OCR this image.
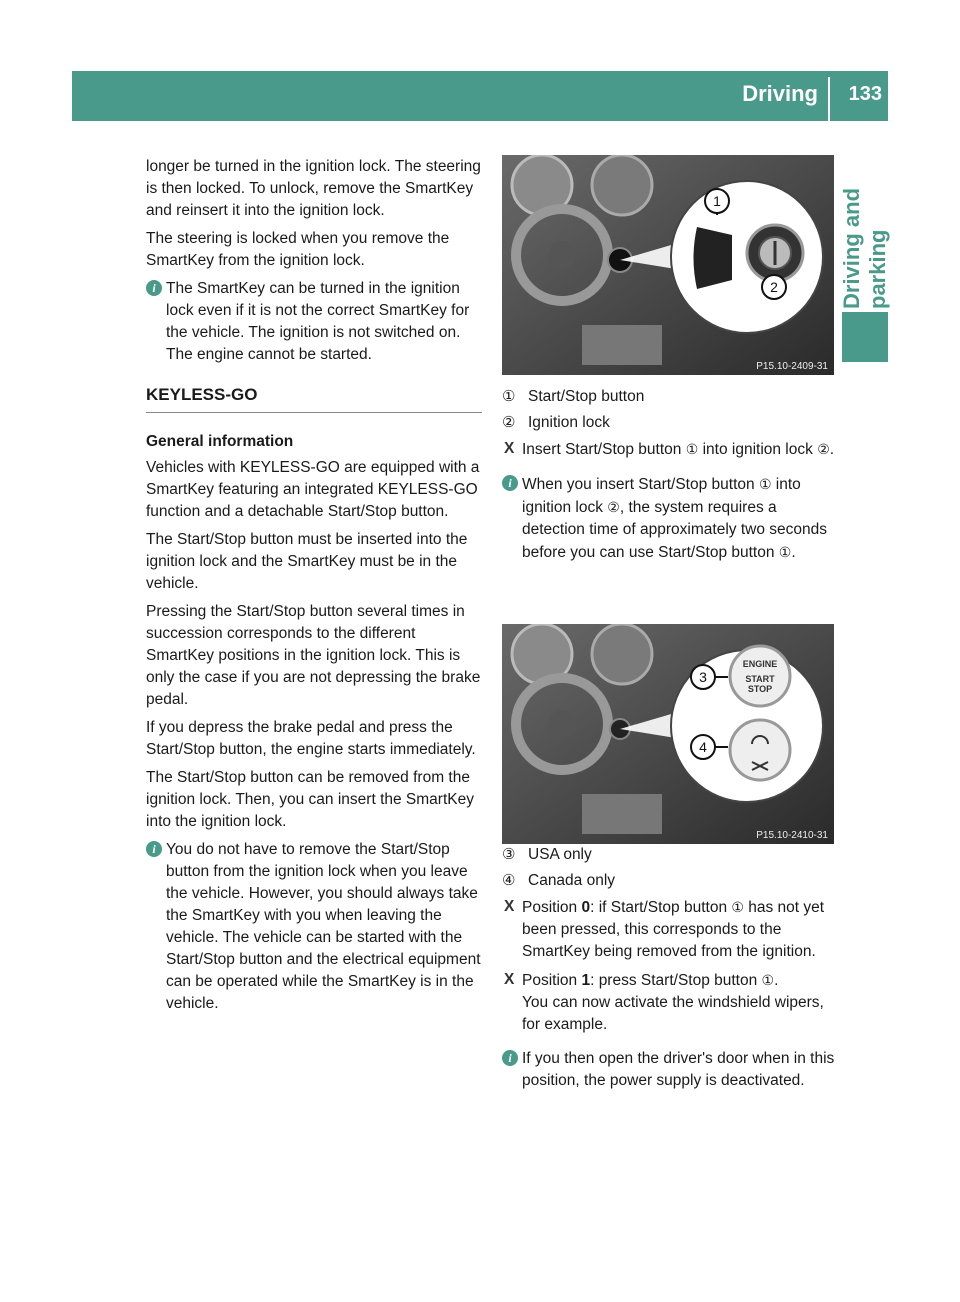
Driving 133
Driving and parking

longer be turned in the ignition lock. The steering is then locked. To unlock, remove the SmartKey and reinsert it into the ignition lock.

The steering is locked when you remove the SmartKey from the ignition lock.

i The SmartKey can be turned in the ignition lock even if it is not the correct SmartKey for the vehicle. The ignition is not switched on. The engine cannot be started.
KEYLESS-GO
General information

Vehicles with KEYLESS-GO are equipped with a SmartKey featuring an integrated KEYLESS-GO function and a detachable Start/Stop button.

The Start/Stop button must be inserted into the ignition lock and the SmartKey must be in the vehicle.

Pressing the Start/Stop button several times in succession corresponds to the different SmartKey positions in the ignition lock. This is only the case if you are not depressing the brake pedal.

If you depress the brake pedal and press the Start/Stop button, the engine starts immediately.

The Start/Stop button can be removed from the ignition lock. Then, you can insert the SmartKey into the ignition lock.

i You do not have to remove the Start/Stop button from the ignition lock when you leave the vehicle. However, you should always take the SmartKey with you when leaving the vehicle. The vehicle can be started with the Start/Stop button and the electrical equipment can be operated while the SmartKey is in the vehicle.
1
2
P15.10-2409-31
① Start/Stop button
② Ignition lock
X Insert Start/Stop button ① into ignition lock ②.
i When you insert Start/Stop button ① into ignition lock ②, the system requires a detection time of approximately two seconds before you can use Start/Stop button ①.
③ USA only
④ Canada only
X Position 0: if Start/Stop button ① has not yet been pressed, this corresponds to the SmartKey being removed from the ignition.
X Position 1: press Start/Stop button ①.
You can now activate the windshield wipers, for example.
i If you then open the driver's door when in this position, the power supply is deactivated.
ENGINE
START
STOP
3
4
P15.10-2410-31
